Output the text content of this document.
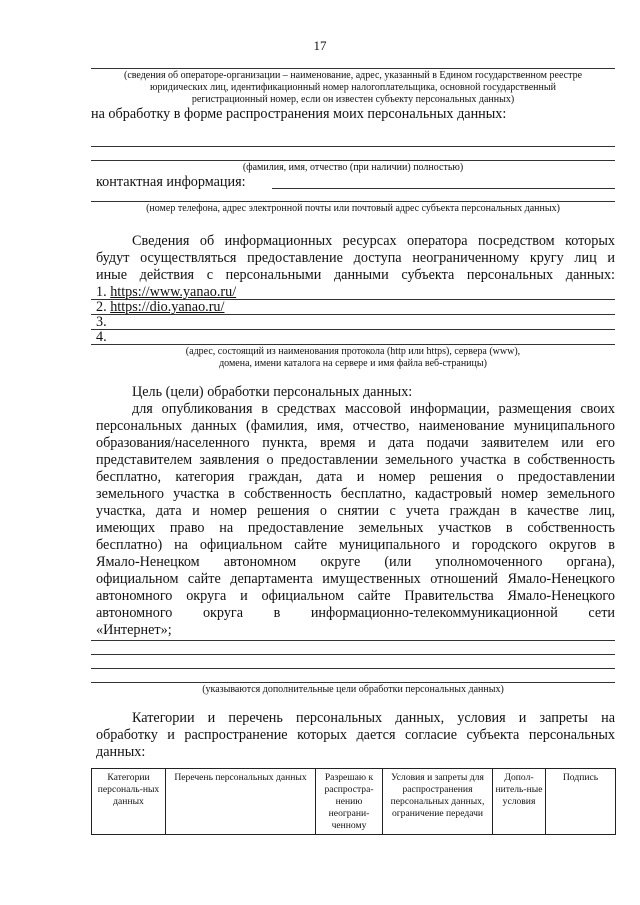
17
(сведения об операторе-организации – наименование, адрес, указанный в Едином государственном реестре
юридических лиц, идентификационный номер налогоплательщика, основной государственный
регистрационный номер, если он известен субъекту персональных данных)
на обработку в форме распространения моих персональных данных:
(фамилия, имя, отчество (при наличии) полностью)
контактная информация:
(номер телефона, адрес электронной почты или почтовый адрес субъекта персональных данных)
Сведения об информационных ресурсах оператора посредством которых
будут осуществляться предоставление доступа неограниченному кругу лиц и
иные действия с персональными данными субъекта персональных данных:
1. https://www.yanao.ru/
2. https://dio.yanao.ru/
3.
4.
(адрес, состоящий из наименования протокола (http или https), сервера (www),
домена, имени каталога на сервере и имя файла веб-страницы)
Цель (цели) обработки персональных данных:
для опубликования в средствах массовой информации, размещения своих
персональных данных (фамилия, имя, отчество, наименование муниципального
образования/населенного пункта, время и дата подачи заявителем или его
представителем заявления о предоставлении земельного участка в собственность
бесплатно, категория граждан, дата и номер решения о предоставлении
земельного участка в собственность бесплатно, кадастровый номер земельного
участка, дата и номер решения о снятии с учета граждан в качестве лиц,
имеющих право на предоставление земельных участков в собственность
бесплатно) на официальном сайте муниципального и городского округов в
Ямало-Ненецком автономном округе (или уполномоченного органа),
официальном сайте департамента имущественных отношений Ямало-Ненецкого
автономного округа и официальном сайте Правительства Ямало-Ненецкого
автономного округа в информационно-телекоммуникационной сети
«Интернет»;
(указываются дополнительные цели обработки персональных данных)
Категории и перечень персональных данных, условия и запреты на
обработку и распространение которых дается согласие субъекта персональных
данных:
Категории персональ-ных данных	Перечень персональных данных	Разрешаю к распростра-нению неограни-ченному	Условия и запреты для распространения персональных данных, ограничение передачи	Допол-нитель-ные условия	Подпись
